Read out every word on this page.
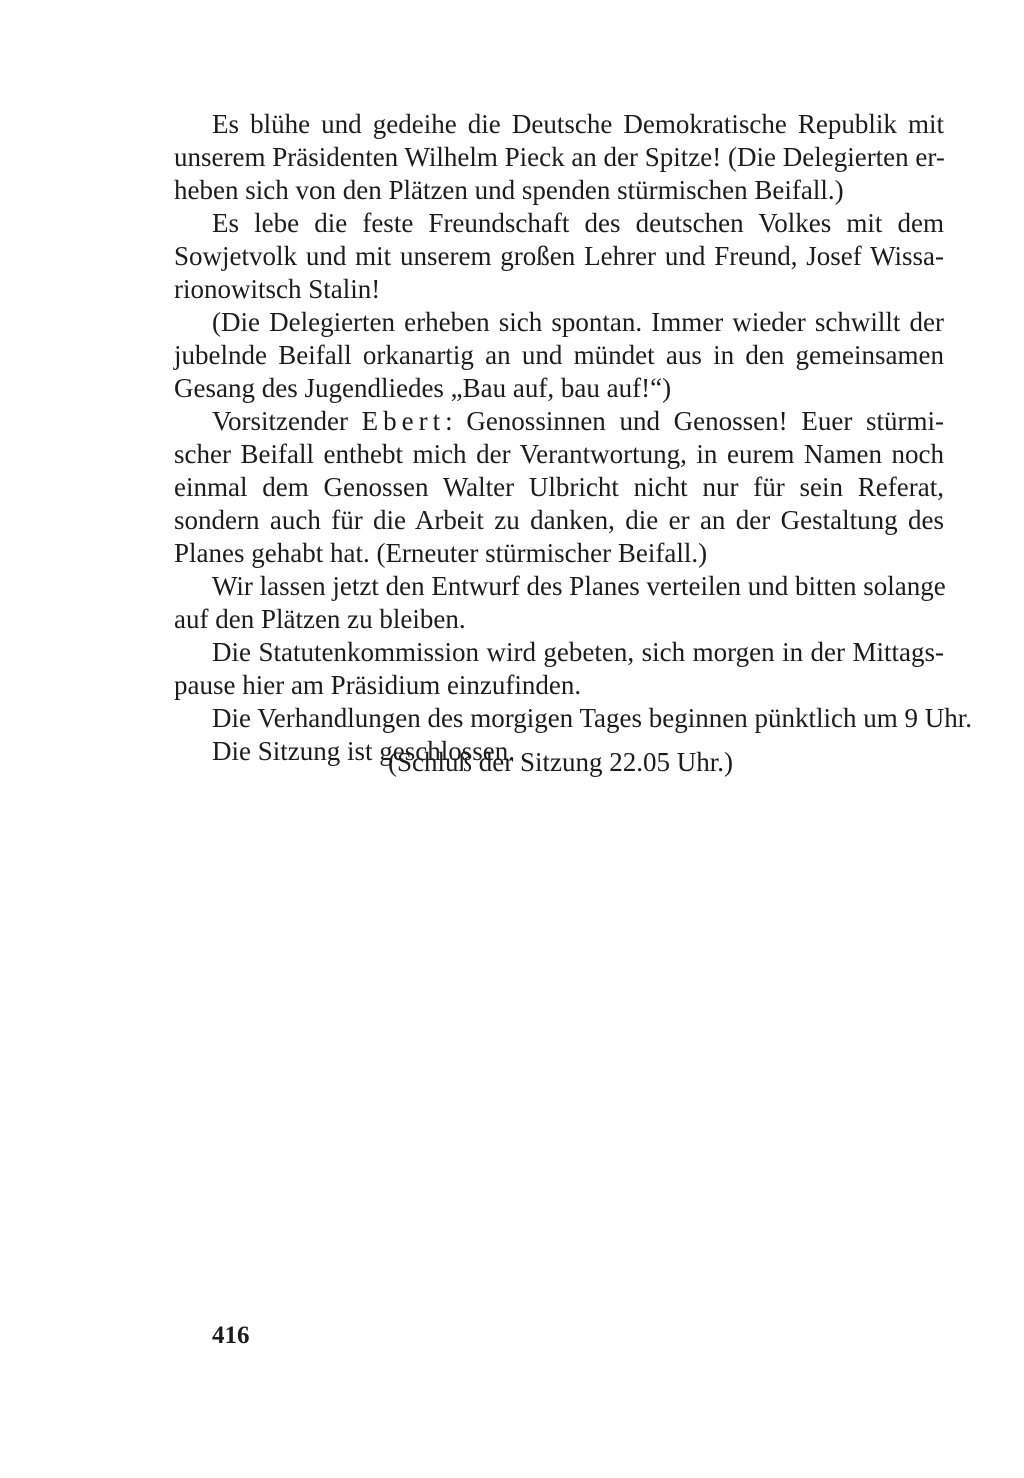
Es blühe und gedeihe die Deutsche Demokratische Republik mit
unserem Präsidenten Wilhelm Pieck an der Spitze! (Die Delegierten er-
heben sich von den Plätzen und spenden stürmischen Beifall.)
Es lebe die feste Freundschaft des deutschen Volkes mit dem
Sowjetvolk und mit unserem großen Lehrer und Freund, Josef Wissa-
rionowitsch Stalin!
(Die Delegierten erheben sich spontan. Immer wieder schwillt der
jubelnde Beifall orkanartig an und mündet aus in den gemeinsamen
Gesang des Jugendliedes „Bau auf, bau auf!“)
Vorsitzender Ebert: Genossinnen und Genossen! Euer stürmi-
scher Beifall enthebt mich der Verantwortung, in eurem Namen noch
einmal dem Genossen Walter Ulbricht nicht nur für sein Referat,
sondern auch für die Arbeit zu danken, die er an der Gestaltung des
Planes gehabt hat. (Erneuter stürmischer Beifall.)
Wir lassen jetzt den Entwurf des Planes verteilen und bitten solange
auf den Plätzen zu bleiben.
Die Statutenkommission wird gebeten, sich morgen in der Mittags-
pause hier am Präsidium einzufinden.
Die Verhandlungen des morgigen Tages beginnen pünktlich um 9 Uhr.
Die Sitzung ist geschlossen.
(Schluß der Sitzung 22.05 Uhr.)
416
